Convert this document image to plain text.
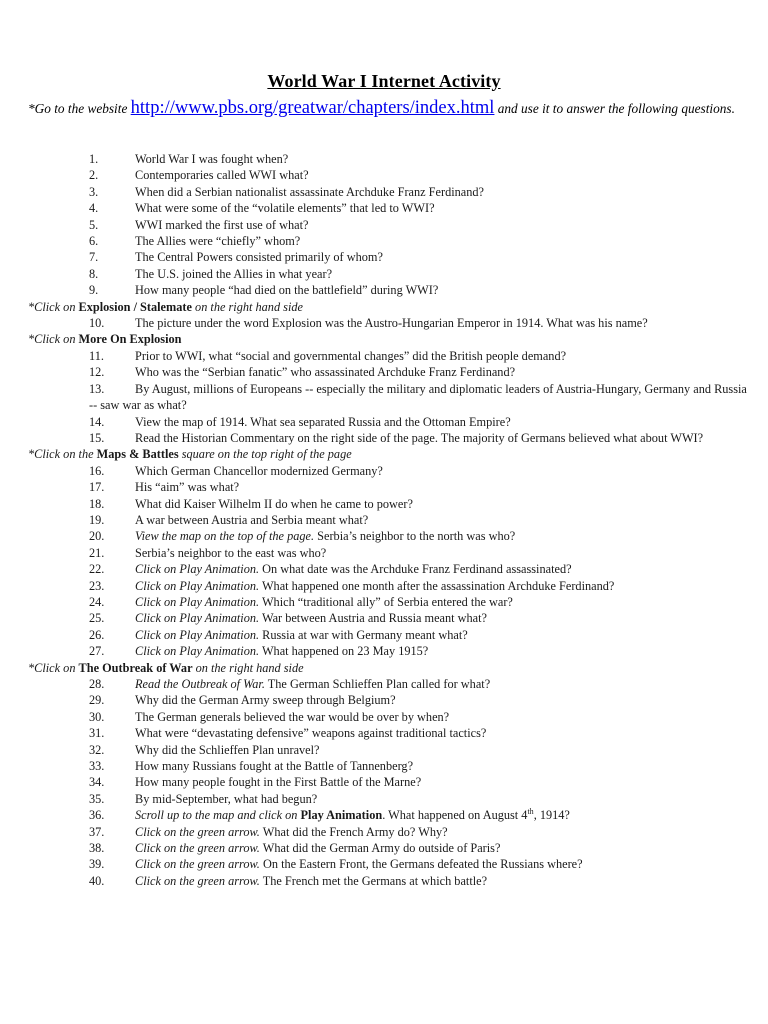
World War I Internet Activity
*Go to the website http://www.pbs.org/greatwar/chapters/index.html and use it to answer the following questions.
1.	World War I was fought when?
2.	Contemporaries called WWI what?
3.	When did a Serbian nationalist assassinate Archduke Franz Ferdinand?
4.	What were some of the “volatile elements” that led to WWI?
5.	WWI marked the first use of what?
6.	The Allies were “chiefly” whom?
7.	The Central Powers consisted primarily of whom?
8.	The U.S. joined the Allies in what year?
9.	How many people “had died on the battlefield” during WWI?
*Click on Explosion / Stalemate on the right hand side
10. The picture under the word Explosion was the Austro-Hungarian Emperor in 1914. What was his name?
*Click on More On Explosion
11.	Prior to WWI, what “social and governmental changes” did the British people demand?
12. Who was the “Serbian fanatic” who assassinated Archduke Franz Ferdinand?
13. By August, millions of Europeans -- especially the military and diplomatic leaders of Austria-Hungary, Germany and Russia -- saw war as what?
14. View the map of 1914. What sea separated Russia and the Ottoman Empire?
15. Read the Historian Commentary on the right side of the page. The majority of Germans believed what about WWI?
*Click on the Maps & Battles square on the top right of the page
16. Which German Chancellor modernized Germany?
17. His “aim” was what?
18. What did Kaiser Wilhelm II do when he came to power?
19. A war between Austria and Serbia meant what?
20. View the map on the top of the page. Serbia’s neighbor to the north was who?
21. Serbia’s neighbor to the east was who?
22. Click on Play Animation. On what date was the Archduke Franz Ferdinand assassinated?
23. Click on Play Animation. What happened one month after the assassination Archduke Ferdinand?
24. Click on Play Animation. Which “traditional ally” of Serbia entered the war?
25. Click on Play Animation. War between Austria and Russia meant what?
26. Click on Play Animation. Russia at war with Germany meant what?
27. Click on Play Animation. What happened on 23 May 1915?
*Click on The Outbreak of War on the right hand side
28. Read the Outbreak of War. The German Schlieffen Plan called for what?
29. Why did the German Army sweep through Belgium?
30. The German generals believed the war would be over by when?
31. What were “devastating defensive” weapons against traditional tactics?
32. Why did the Schlieffen Plan unravel?
33. How many Russians fought at the Battle of Tannenberg?
34. How many people fought in the First Battle of the Marne?
35. By mid-September, what had begun?
36. Scroll up to the map and click on Play Animation. What happened on August 4th, 1914?
37. Click on the green arrow. What did the French Army do? Why?
38. Click on the green arrow. What did the German Army do outside of Paris?
39. Click on the green arrow. On the Eastern Front, the Germans defeated the Russians where?
40. Click on the green arrow. The French met the Germans at which battle?
